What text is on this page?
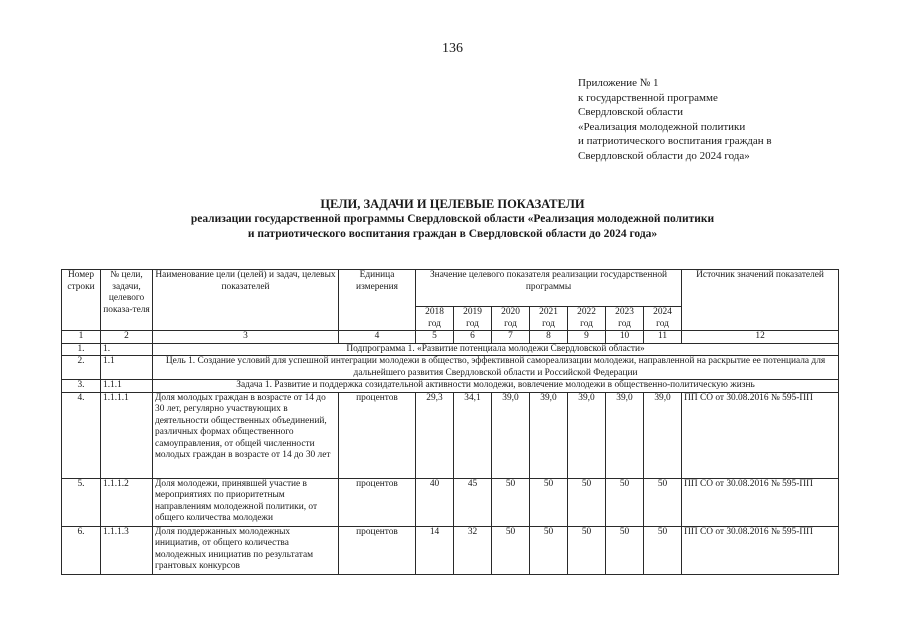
136
Приложение № 1
к государственной программе
Свердловской области
«Реализация молодежной политики
и патриотического воспитания граждан в
Свердловской области до 2024 года»
ЦЕЛИ, ЗАДАЧИ И ЦЕЛЕВЫЕ ПОКАЗАТЕЛИ
реализации государственной программы Свердловской области «Реализация молодежной политики
и патриотического воспитания граждан в Свердловской области до 2024 года»
Номер строки	№ цели, задачи, целевого показа-теля	Наименование цели (целей) и задач, целевых показателей	Единица измерения	Значение целевого показателя реализации государственной программы							Источник значений показателей
				2018 год	2019 год	2020 год	2021 год	2022 год	2023 год	2024 год	
1	2	3	4	5	6	7	8	9	10	11	12
1.	1.	Подпрограмма 1. «Развитие потенциала молодежи Свердловской области»									
2.	1.1	Цель 1. Создание условий для успешной интеграции молодежи в общество, эффективной самореализации молодежи, направленной на раскрытие ее потенциала для дальнейшего развития Свердловской области и Российской Федерации									
3.	1.1.1	Задача 1. Развитие и поддержка созидательной активности молодежи, вовлечение молодежи в общественно-политическую жизнь									
4.	1.1.1.1	Доля молодых граждан в возрасте от 14 до 30 лет, регулярно участвующих в деятельности общественных объединений, различных формах общественного самоуправления, от общей численности молодых граждан в возрасте от 14 до 30 лет	процентов	29,3	34,1	39,0	39,0	39,0	39,0	39,0	ПП СО от 30.08.2016 № 595-ПП
5.	1.1.1.2	Доля молодежи, принявшей участие в мероприятиях по приоритетным направлениям молодежной политики, от общего количества молодежи	процентов	40	45	50	50	50	50	50	ПП СО от 30.08.2016 № 595-ПП
6.	1.1.1.3	Доля поддержанных молодежных инициатив, от общего количества молодежных инициатив по результатам грантовых конкурсов	процентов	14	32	50	50	50	50	50	ПП СО от 30.08.2016 № 595-ПП
